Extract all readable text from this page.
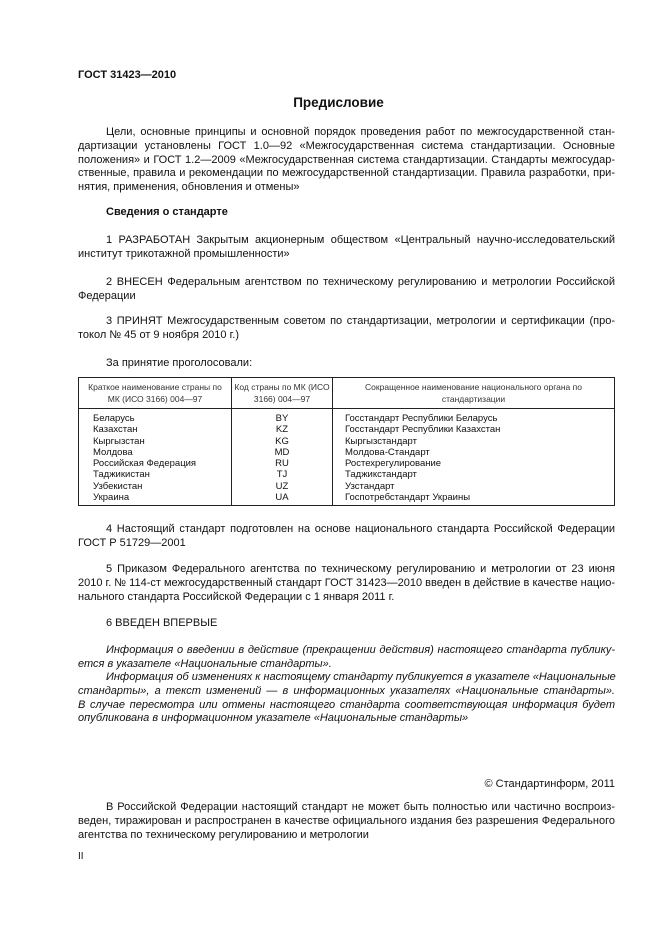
ГОСТ 31423—2010
Предисловие
Цели, основные принципы и основной порядок проведения работ по межгосударственной стан-
дартизации установлены ГОСТ 1.0—92 «Межгосударственная система стандартизации. Основные
положения» и ГОСТ 1.2—2009 «Межгосударственная система стандартизации. Стандарты межгосудар-
ственные, правила и рекомендации по межгосударственной стандартизации. Правила разработки, при-
нятия, применения, обновления и отмены»
Сведения о стандарте
1 РАЗРАБОТАН Закрытым акционерным обществом «Центральный научно-исследовательский
институт трикотажной промышленности»
2 ВНЕСЕН Федеральным агентством по техническому регулированию и метрологии Российской
Федерации
3 ПРИНЯТ Межгосударственным советом по стандартизации, метрологии и сертификации (про-
токол № 45 от 9 ноября 2010 г.)
За принятие проголосовали:
Краткое наименование страны по МК (ИСО 3166) 004—97	Код страны по МК (ИСО 3166) 004—97	Сокращенное наименование национального органа по стандартизации
Беларусь	BY	Госстандарт Республики Беларусь
Казахстан	KZ	Госстандарт Республики Казахстан
Кыргызстан	KG	Кыргызстандарт
Молдова	MD	Молдова-Стандарт
Российская Федерация	RU	Ростехрегулирование
Таджикистан	TJ	Таджикстандарт
Узбекистан	UZ	Узстандарт
Украина	UA	Госпотребстандарт Украины
4 Настоящий стандарт подготовлен на основе национального стандарта Российской Федерации
ГОСТ Р 51729—2001
5 Приказом Федерального агентства по техническому регулированию и метрологии от 23 июня
2010 г. № 114-ст межгосударственный стандарт ГОСТ 31423—2010 введен в действие в качестве нацио-
нального стандарта Российской Федерации с 1 января 2011 г.
6 ВВЕДЕН ВПЕРВЫЕ
Информация о введении в действие (прекращении действия) настоящего стандарта публику-
ется в указателе «Национальные стандарты».
Информация об изменениях к настоящему стандарту публикуется в указателе «Национальные
стандарты», а текст изменений — в информационных указателях «Национальные стандарты».
В случае пересмотра или отмены настоящего стандарта соответствующая информация будет
опубликована в информационном указателе «Национальные стандарты»
© Стандартинформ, 2011
В Российской Федерации настоящий стандарт не может быть полностью или частично воспроиз-
веден, тиражирован и распространен в качестве официального издания без разрешения Федерального
агентства по техническому регулированию и метрологии
II
